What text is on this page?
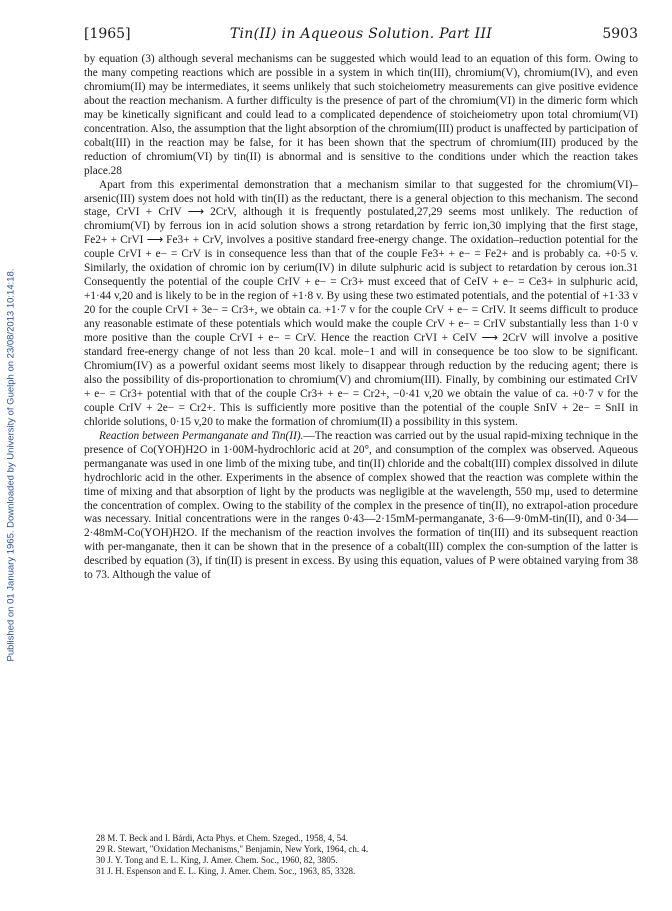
Published on 01 January 1965. Downloaded by University of Guelph on 23/08/2013 10:14:18.
[1965]	Tin(II) in Aqueous Solution. Part III	5903

by equation (3) although several mechanisms can be suggested which would lead to an equation of this form. Owing to the many competing reactions which are possible in a system in which tin(III), chromium(V), chromium(IV), and even chromium(II) may be intermediates, it seems unlikely that such stoicheiometry measurements can give positive evidence about the reaction mechanism. A further difficulty is the presence of part of the chromium(VI) in the dimeric form which may be kinetically significant and could lead to a complicated dependence of stoicheiometry upon total chromium(VI) concentration. Also, the assumption that the light absorption of the chromium(III) product is unaffected by participation of cobalt(III) in the reaction may be false, for it has been shown that the spectrum of chromium(III) produced by the reduction of chromium(VI) by tin(II) is abnormal and is sensitive to the conditions under which the reaction takes place.28

Apart from this experimental demonstration that a mechanism similar to that suggested for the chromium(VI)–arsenic(III) system does not hold with tin(II) as the reductant, there is a general objection to this mechanism. The second stage, CrVI + CrIV ⟶ 2CrV, although it is frequently postulated,27,29 seems most unlikely. The reduction of chromium(VI) by ferrous ion in acid solution shows a strong retardation by ferric ion,30 implying that the first stage, Fe2+ + CrVI ⟶ Fe3+ + CrV, involves a positive standard free-energy change. The oxidation–reduction potential for the couple CrVI + e− = CrV is in consequence less than that of the couple Fe3+ + e− = Fe2+ and is probably ca. +0·5 v. Similarly, the oxidation of chromic ion by cerium(IV) in dilute sulphuric acid is subject to retardation by cerous ion.31 Consequently the potential of the couple CrIV + e− = Cr3+ must exceed that of CeIV + e− = Ce3+ in sulphuric acid, +1·44 v,20 and is likely to be in the region of +1·8 v. By using these two estimated potentials, and the potential of +1·33 v 20 for the couple CrVI + 3e− = Cr3+, we obtain ca. +1·7 v for the couple CrV + e− = CrIV. It seems difficult to produce any reasonable estimate of these potentials which would make the couple CrV + e− = CrIV substantially less than 1·0 v more positive than the couple CrVI + e− = CrV. Hence the reaction CrVI + CeIV ⟶ 2CrV will involve a positive standard free-energy change of not less than 20 kcal. mole−1 and will in consequence be too slow to be significant. Chromium(IV) as a powerful oxidant seems most likely to disappear through reduction by the reducing agent; there is also the possibility of dis-proportionation to chromium(V) and chromium(III). Finally, by combining our estimated CrIV + e− = Cr3+ potential with that of the couple Cr3+ + e− = Cr2+, −0·41 v,20 we obtain the value of ca. +0·7 v for the couple CrIV + 2e− = Cr2+. This is sufficiently more positive than the potential of the couple SnIV + 2e− = SnII in chloride solutions, 0·15 v,20 to make the formation of chromium(II) a possibility in this system.

Reaction between Permanganate and Tin(II).—The reaction was carried out by the usual rapid-mixing technique in the presence of Co(YOH)H2O in 1·00M-hydrochloric acid at 20°, and consumption of the complex was observed. Aqueous permanganate was used in one limb of the mixing tube, and tin(II) chloride and the cobalt(III) complex dissolved in dilute hydrochloric acid in the other. Experiments in the absence of complex showed that the reaction was complete within the time of mixing and that absorption of light by the products was negligible at the wavelength, 550 mμ, used to determine the concentration of complex. Owing to the stability of the complex in the presence of tin(II), no extrapol-ation procedure was necessary. Initial concentrations were in the ranges 0·43—2·15mM-permanganate, 3·6—9·0mM-tin(II), and 0·34—2·48mM-Co(YOH)H2O. If the mechanism of the reaction involves the formation of tin(III) and its subsequent reaction with per-manganate, then it can be shown that in the presence of a cobalt(III) complex the con-sumption of the latter is described by equation (3), if tin(II) is present in excess. By using this equation, values of P were obtained varying from 38 to 73. Although the value of

28 M. T. Beck and I. Bárdi, Acta Phys. et Chem. Szeged., 1958, 4, 54.
29 R. Stewart, "Oxidation Mechanisms," Benjamin, New York, 1964, ch. 4.
30 J. Y. Tong and E. L. King, J. Amer. Chem. Soc., 1960, 82, 3805.
31 J. H. Espenson and E. L. King, J. Amer. Chem. Soc., 1963, 85, 3328.
